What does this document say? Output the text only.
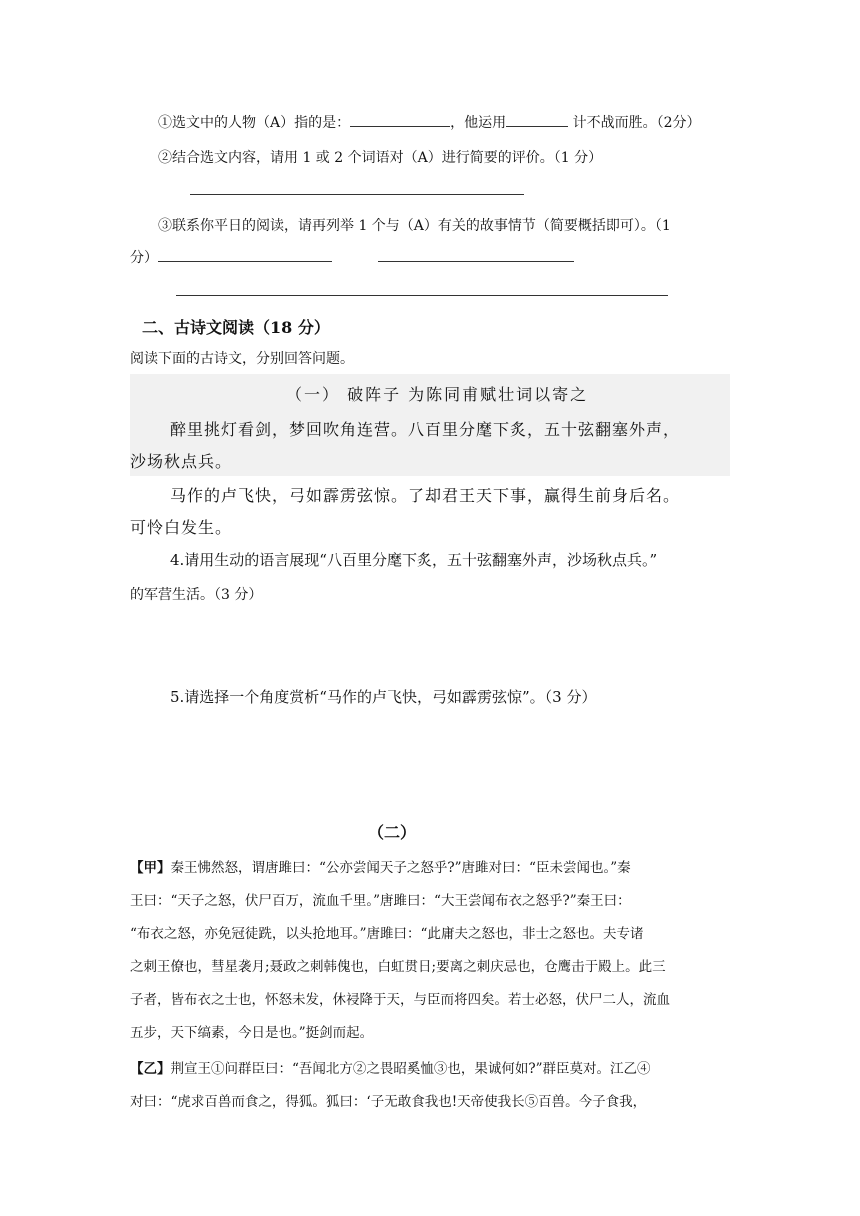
①选文中的人物（A）指的是：	，他运用	计不战而胜。（2分）
②结合选文内容，请用 1 或 2 个词语对（A）进行简要的评价。（1 分）
③联系你平日的阅读，请再列举 1 个与（A）有关的故事情节（简要概括即可）。（1
分）
二、古诗文阅读（18 分）
阅读下面的古诗文，分别回答问题。
（一） 破阵子 为陈同甫赋壮词以寄之
醉里挑灯看剑，梦回吹角连营。八百里分麾下炙，五十弦翻塞外声，
沙场秋点兵。
马作的卢飞快，弓如霹雳弦惊。了却君王天下事，赢得生前身后名。
可怜白发生。
4.请用生动的语言展现“八百里分麾下炙，五十弦翻塞外声，沙场秋点兵。”
的军营生活。（3 分）
5.请选择一个角度赏析“马作的卢飞快，弓如霹雳弦惊”。（3 分）
（二）
【甲】秦王怫然怒，谓唐雎曰：“公亦尝闻天子之怒乎?”唐雎对曰：“臣未尝闻也。”秦
王曰：“天子之怒，伏尸百万，流血千里。”唐雎曰：“大王尝闻布衣之怒乎?”秦王曰：
“布衣之怒，亦免冠徒跣，以头抢地耳。”唐雎曰：“此庸夫之怒也，非士之怒也。夫专诸
之刺王僚也，彗星袭月;聂政之刺韩傀也，白虹贯日;要离之刺庆忌也，仓鹰击于殿上。此三
子者，皆布衣之士也，怀怒未发，休祲降于天，与臣而将四矣。若士必怒，伏尸二人，流血
五步，天下缟素，今日是也。”挺剑而起。
【乙】荆宣王①问群臣曰：“吾闻北方②之畏昭奚恤③也，果诚何如?”群臣莫对。江乙④
对曰：“虎求百兽而食之，得狐。狐曰：‘子无敢食我也!天帝使我长⑤百兽。今子食我，
